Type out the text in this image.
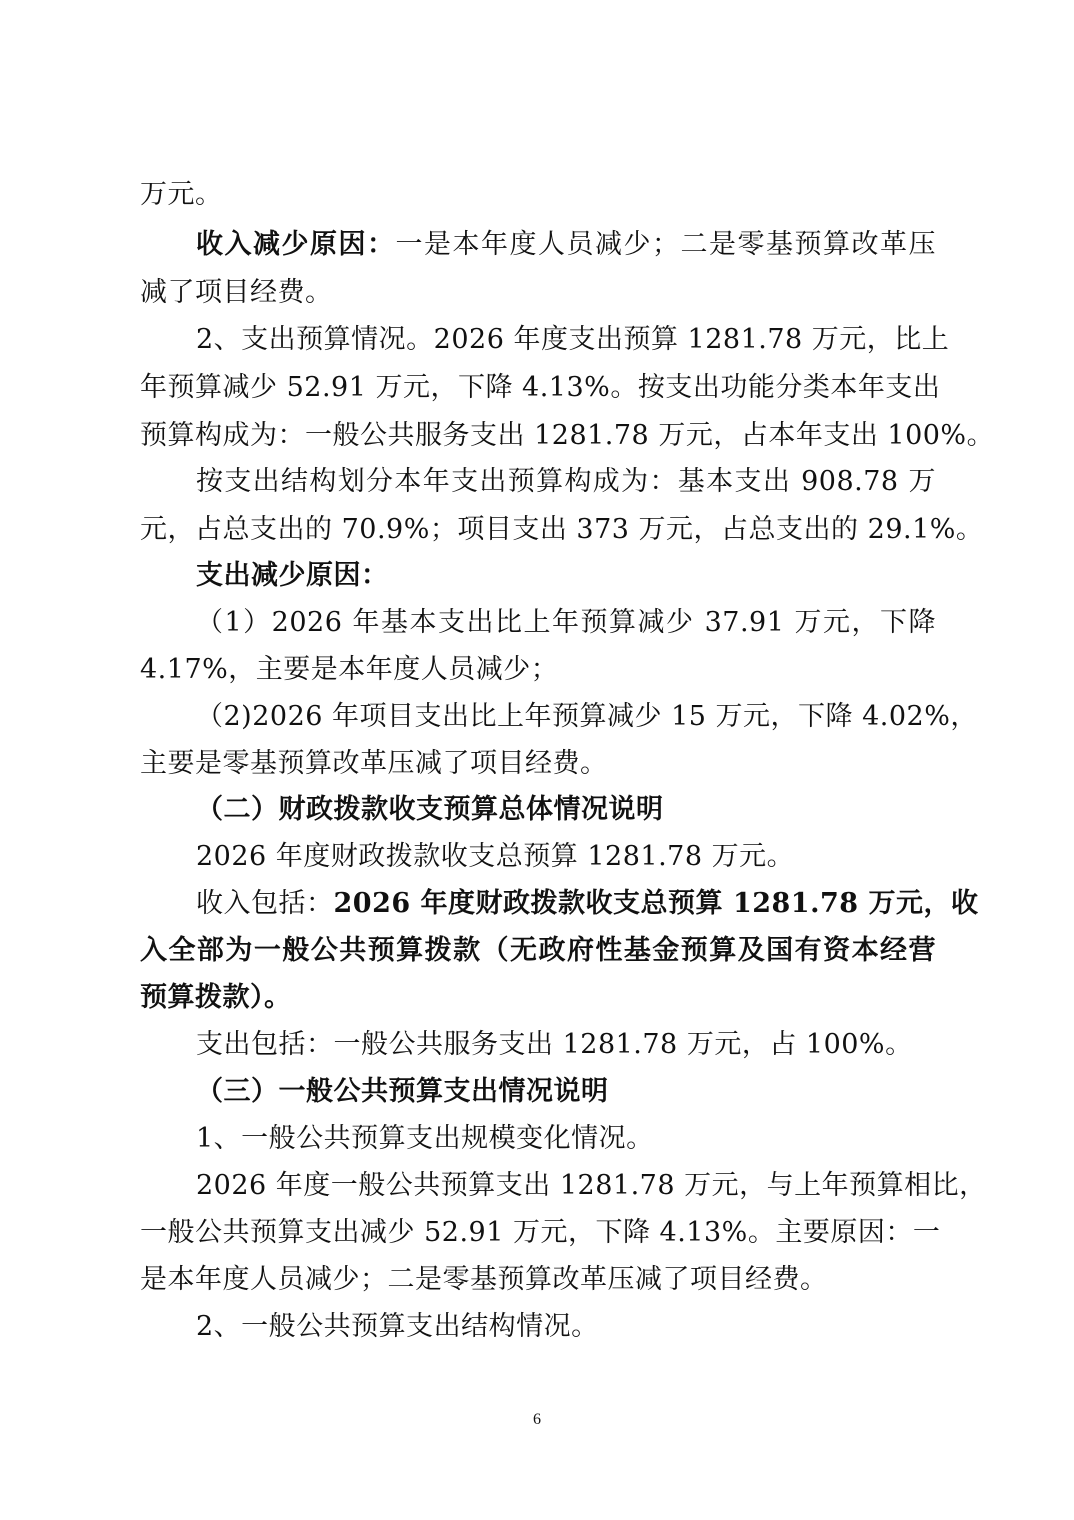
万元。
收入减少原因：一是本年度人员减少；二是零基预算改革压
减了项目经费。
2、支出预算情况。2026 年度支出预算 1281.78 万元，比上
年预算减少 52.91 万元，下降 4.13%。按支出功能分类本年支出
预算构成为：一般公共服务支出 1281.78 万元，占本年支出 100%。
按支出结构划分本年支出预算构成为：基本支出 908.78 万
元，占总支出的 70.9%；项目支出 373 万元，占总支出的 29.1%。
支出减少原因：
（1）2026 年基本支出比上年预算减少 37.91 万元，下降
4.17%，主要是本年度人员减少；
（2)2026 年项目支出比上年预算减少 15 万元，下降 4.02%，
主要是零基预算改革压减了项目经费。
（二）财政拨款收支预算总体情况说明
2026 年度财政拨款收支总预算 1281.78 万元。
收入包括：2026 年度财政拨款收支总预算 1281.78 万元，收
入全部为一般公共预算拨款（无政府性基金预算及国有资本经营
预算拨款）。
支出包括：一般公共服务支出 1281.78 万元，占 100%。
（三）一般公共预算支出情况说明
1、一般公共预算支出规模变化情况。
2026 年度一般公共预算支出 1281.78 万元，与上年预算相比，
一般公共预算支出减少 52.91 万元，下降 4.13%。主要原因：一
是本年度人员减少；二是零基预算改革压减了项目经费。
2、一般公共预算支出结构情况。
6
